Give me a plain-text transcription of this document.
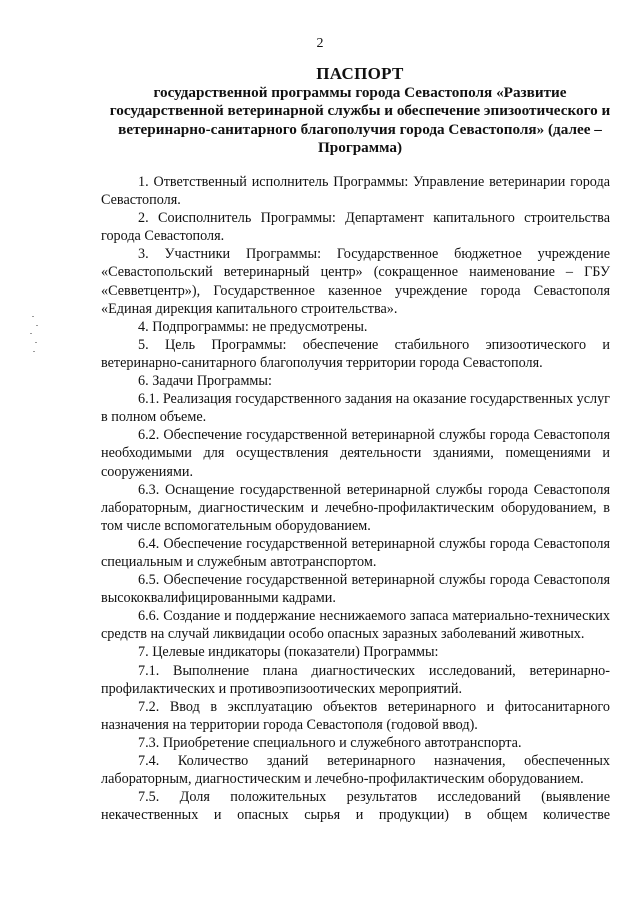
2
ПАСПОРТ
государственной программы города Севастополя «Развитие государственной ветеринарной службы и обеспечение эпизоотического и ветеринарно-санитарного благополучия города Севастополя» (далее – Программа)

1. Ответственный исполнитель Программы: Управление ветеринарии города Севастополя.

2. Соисполнитель Программы: Департамент капитального строительства города Севастополя.

3. Участники Программы: Государственное бюджетное учреждение «Севастопольский ветеринарный центр» (сокращенное наименование – ГБУ «Севветцентр»), Государственное казенное учреждение города Севастополя «Единая дирекция капитального строительства».

4. Подпрограммы: не предусмотрены.

5. Цель Программы: обеспечение стабильного эпизоотического и ветеринарно-санитарного благополучия территории города Севастополя.

6. Задачи Программы:

6.1. Реализация государственного задания на оказание государственных услуг в полном объеме.

6.2. Обеспечение государственной ветеринарной службы города Севастополя необходимыми для осуществления деятельности зданиями, помещениями и сооружениями.

6.3. Оснащение государственной ветеринарной службы города Севастополя лабораторным, диагностическим и лечебно-профилактическим оборудованием, в том числе вспомогательным оборудованием.

6.4. Обеспечение государственной ветеринарной службы города Севастополя специальным и служебным автотранспортом.

6.5. Обеспечение государственной ветеринарной службы города Севастополя высококвалифицированными кадрами.

6.6. Создание и поддержание неснижаемого запаса материально-технических средств на случай ликвидации особо опасных заразных заболеваний животных.

7. Целевые индикаторы (показатели) Программы:

7.1. Выполнение плана диагностических исследований, ветеринарно-профилактических и противоэпизоотических мероприятий.

7.2. Ввод в эксплуатацию объектов ветеринарного и фитосанитарного назначения на территории города Севастополя (годовой ввод).

7.3. Приобретение специального и служебного автотранспорта.

7.4. Количество зданий ветеринарного назначения, обеспеченных лабораторным, диагностическим и лечебно-профилактическим оборудованием.

7.5. Доля положительных результатов исследований (выявление некачественных и опасных сырья и продукции) в общем количестве
